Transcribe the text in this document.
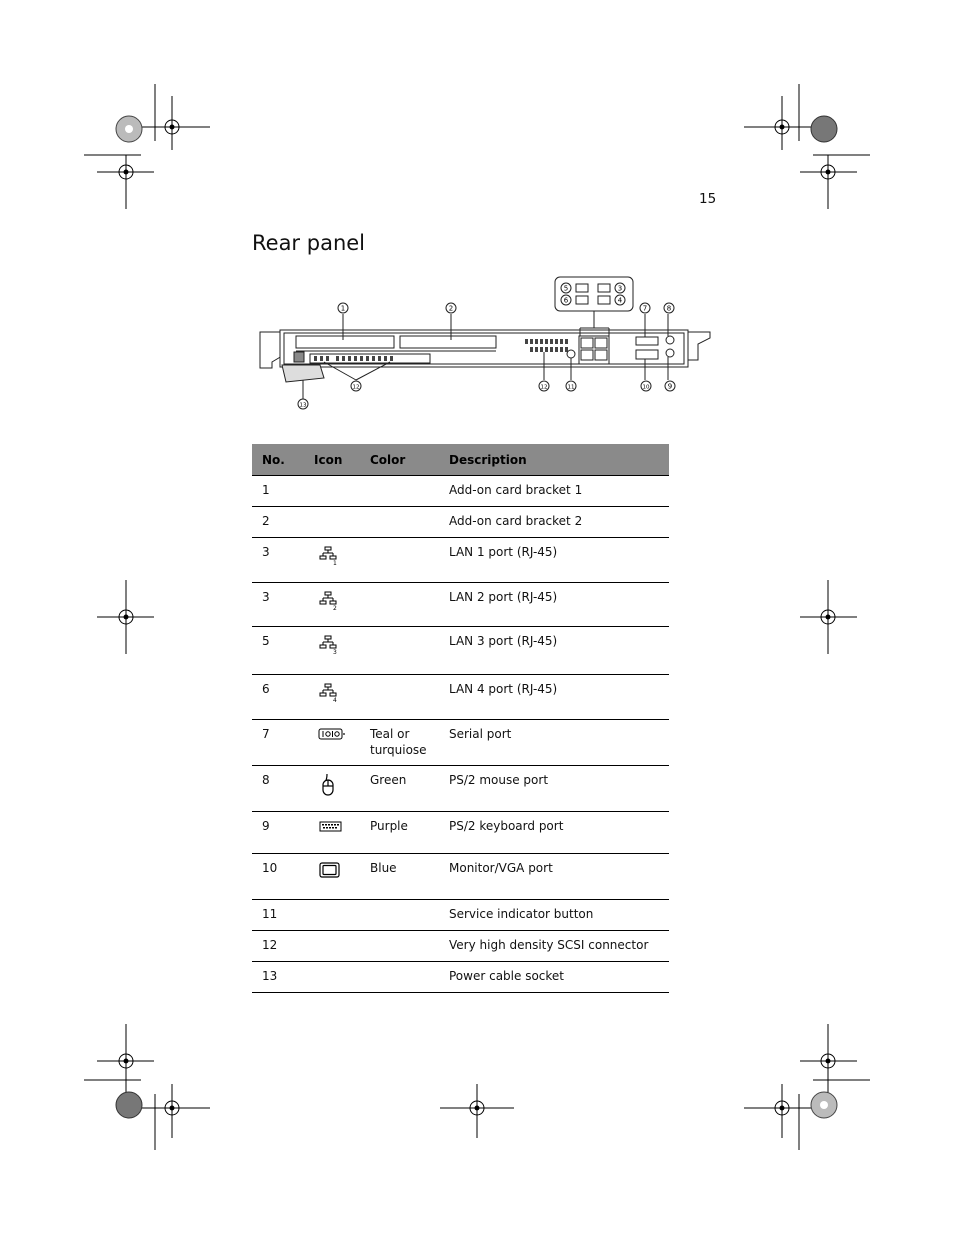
15
Rear panel
1	2
3
4
5
6
7	8
9
10
11
12
12
13
No.	Icon	Color	Description
1			Add-on card bracket 1
2			Add-on card bracket 2
3	1		LAN 1 port (RJ-45)
3	2		LAN 2 port (RJ-45)
5	3		LAN 3 port (RJ-45)
6	4		LAN 4 port (RJ-45)
7		Teal or turquiose	Serial port
8		Green	PS/2 mouse port
9		Purple	PS/2 keyboard port
10		Blue	Monitor/VGA port
11			Service indicator button
12			Very high density SCSI connector
13			Power cable socket
